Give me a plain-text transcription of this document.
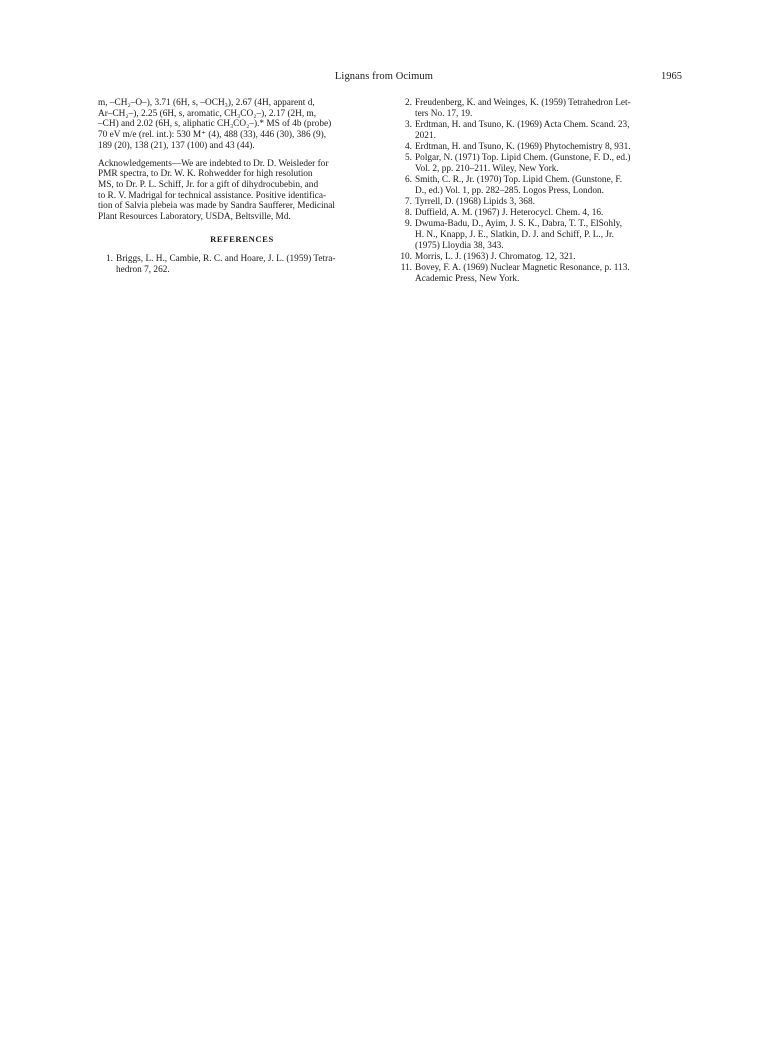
Lignans from Ocimum	1965
m, –CH₂–O–), 3.71 (6H, s, –OCH₃), 2.67 (4H, apparent d,
Ar–CH₂–), 2.25 (6H, s, aromatic, CH₃CO₂–), 2.17 (2H, m,
–CH) and 2.02 (6H, s, aliphatic CH₃CO₂–).* MS of 4b (probe)
70 eV m/e (rel. int.): 530 M⁺ (4), 488 (33), 446 (30), 386 (9),
189 (20), 138 (21), 137 (100) and 43 (44).
Acknowledgements—We are indebted to Dr. D. Weisleder for
PMR spectra, to Dr. W. K. Rohwedder for high resolution
MS, to Dr. P. L. Schiff, Jr. for a gift of dihydrocubebin, and
to R. V. Madrigal for technical assistance. Positive identifica-
tion of Salvia plebeia was made by Sandra Saufferer, Medicinal
Plant Resources Laboratory, USDA, Beltsville, Md.
REFERENCES
1. Briggs, L. H., Cambie, R. C. and Hoare, J. L. (1959) Tetra-
hedron 7, 262.
2. Freudenberg, K. and Weinges, K. (1959) Tetrahedron Let-
ters No. 17, 19.
3. Erdtman, H. and Tsuno, K. (1969) Acta Chem. Scand. 23,
2021.
4. Erdtman, H. and Tsuno, K. (1969) Phytochemistry 8, 931.
5. Polgar, N. (1971) Top. Lipid Chem. (Gunstone, F. D., ed.)
Vol. 2, pp. 210–211. Wiley, New York.
6. Smith, C. R., Jr. (1970) Top. Lipid Chem. (Gunstone, F.
D., ed.) Vol. 1, pp. 282–285. Logos Press, London.
7. Tyrrell, D. (1968) Lipids 3, 368.
8. Duffield, A. M. (1967) J. Heterocycl. Chem. 4, 16.
9. Dwuma-Badu, D., Ayim, J. S. K., Dabra, T. T., ElSohly,
H. N., Knapp, J. E., Slatkin, D. J. and Schiff, P. L., Jr.
(1975) Lloydia 38, 343.
10. Morris, L. J. (1963) J. Chromatog. 12, 321.
11. Bovey, F. A. (1969) Nuclear Magnetic Resonance, p. 113.
Academic Press, New York.
